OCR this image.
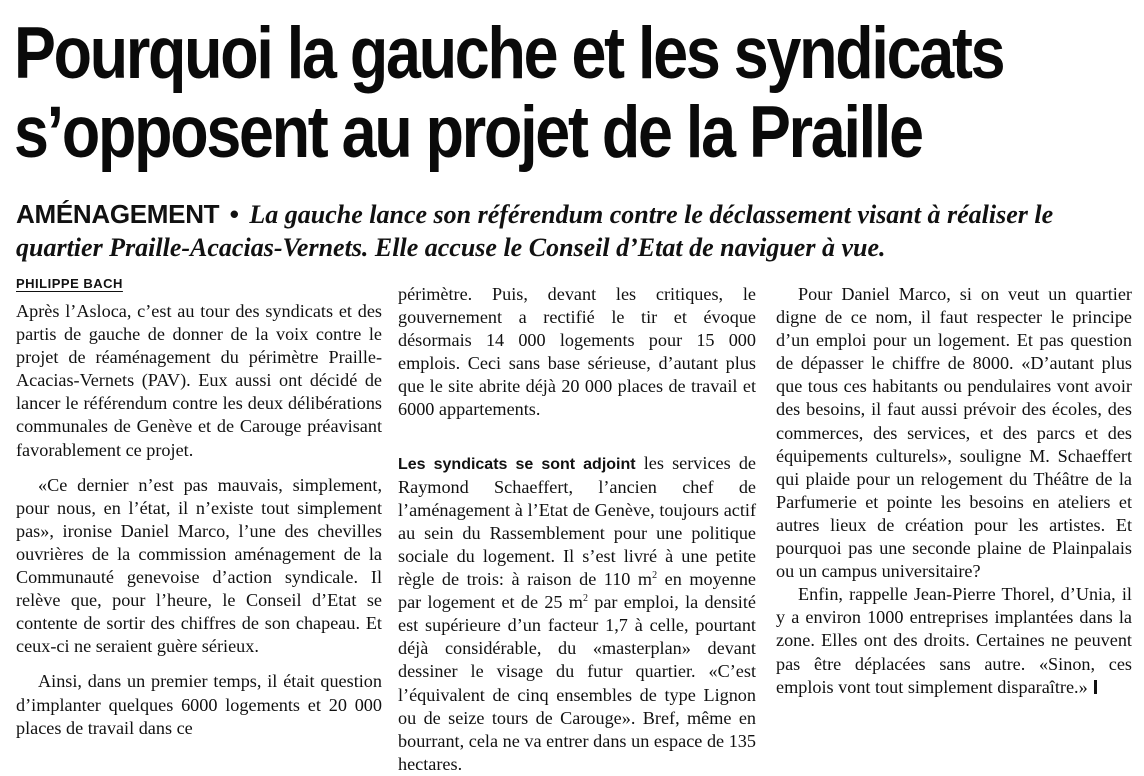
Pourquoi la gauche et les syndicats
s’opposent au projet de la Praille
AMÉNAGEMENT • La gauche lance son référendum contre le déclassement visant à réaliser le quartier Praille-Acacias-Vernets. Elle accuse le Conseil d’Etat de naviguer à vue.
PHILIPPE BACH

Après l’Asloca, c’est au tour des syndicats et des partis de gauche de donner de la voix contre le projet de réaménagement du périmètre Praille-Acacias-Vernets (PAV). Eux aussi ont décidé de lancer le référendum contre les deux délibérations communales de Genève et de Carouge préavisant favorablement ce projet.

«Ce dernier n’est pas mauvais, simplement, pour nous, en l’état, il n’existe tout simplement pas», ironise Daniel Marco, l’une des chevilles ouvrières de la commission aménagement de la Communauté genevoise d’action syndicale. Il relève que, pour l’heure, le Conseil d’Etat se contente de sortir des chiffres de son chapeau. Et ceux-ci ne seraient guère sérieux.

Ainsi, dans un premier temps, il était question d’implanter quelques 6000 logements et 20 000 places de travail dans ce

périmètre. Puis, devant les critiques, le gouvernement a rectifié le tir et évoque désormais 14 000 logements pour 15 000 emplois. Ceci sans base sérieuse, d’autant plus que le site abrite déjà 20 000 places de travail et 6000 appartements.

Les syndicats se sont adjoint les services de Raymond Schaeffert, l’ancien chef de l’aménagement à l’Etat de Genève, toujours actif au sein du Rassemblement pour une politique sociale du logement. Il s’est livré à une petite règle de trois: à raison de 110 $m^2$ en moyenne par logement et de 25 $m^2$ par emploi, la densité est supérieure d’un facteur 1,7 à celle, pourtant déjà considérable, du «masterplan» devant dessiner le visage du futur quartier. «C’est l’équivalent de cinq ensembles de type Lignon ou de seize tours de Carouge». Bref, même en bourrant, cela ne va entrer dans un espace de 135 hectares.

Pour Daniel Marco, si on veut un quartier digne de ce nom, il faut respecter le principe d’un emploi pour un logement. Et pas question de dépasser le chiffre de 8000. «D’autant plus que tous ces habitants ou pendulaires vont avoir des besoins, il faut aussi prévoir des écoles, des commerces, des services, et des parcs et des équipements culturels», souligne M. Schaeffert qui plaide pour un relogement du Théâtre de la Parfumerie et pointe les besoins en ateliers et autres lieux de création pour les artistes. Et pourquoi pas une seconde plaine de Plainpalais ou un campus universitaire?

Enfin, rappelle Jean-Pierre Thorel, d’Unia, il y a environ 1000 entreprises implantées dans la zone. Elles ont des droits. Certaines ne peuvent pas être déplacées sans autre. «Sinon, ces emplois vont tout simplement disparaître.»
